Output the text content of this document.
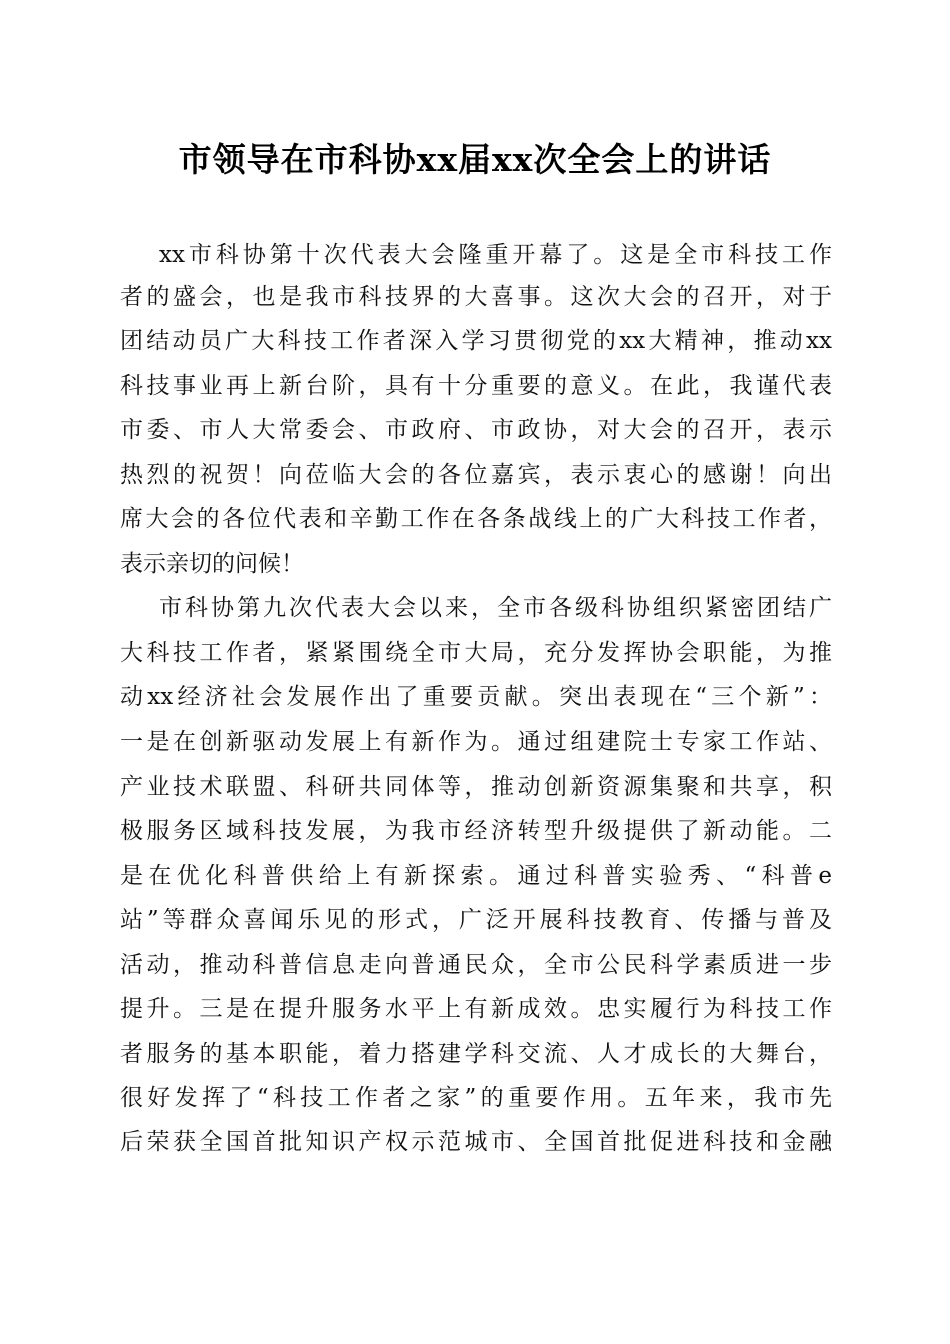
市领导在市科协xx届xx次全会上的讲话
xx市科协第十次代表大会隆重开幕了。这是全市科技工作
者的盛会，也是我市科技界的大喜事。这次大会的召开，对于
团结动员广大科技工作者深入学习贯彻党的xx大精神，推动xx
科技事业再上新台阶，具有十分重要的意义。在此，我谨代表
市委、市人大常委会、市政府、市政协，对大会的召开，表示
热烈的祝贺！向莅临大会的各位嘉宾，表示衷心的感谢！向出
席大会的各位代表和辛勤工作在各条战线上的广大科技工作者，
表示亲切的问候！
市科协第九次代表大会以来，全市各级科协组织紧密团结广
大科技工作者，紧紧围绕全市大局，充分发挥协会职能，为推
动xx经济社会发展作出了重要贡献。突出表现在“三个新”：
一是在创新驱动发展上有新作为。通过组建院士专家工作站、
产业技术联盟、科研共同体等，推动创新资源集聚和共享，积
极服务区域科技发展，为我市经济转型升级提供了新动能。二
是在优化科普供给上有新探索。通过科普实验秀、“科普e
站”等群众喜闻乐见的形式，广泛开展科技教育、传播与普及
活动，推动科普信息走向普通民众，全市公民科学素质进一步
提升。三是在提升服务水平上有新成效。忠实履行为科技工作
者服务的基本职能，着力搭建学科交流、人才成长的大舞台，
很好发挥了“科技工作者之家”的重要作用。五年来，我市先
后荣获全国首批知识产权示范城市、全国首批促进科技和金融
